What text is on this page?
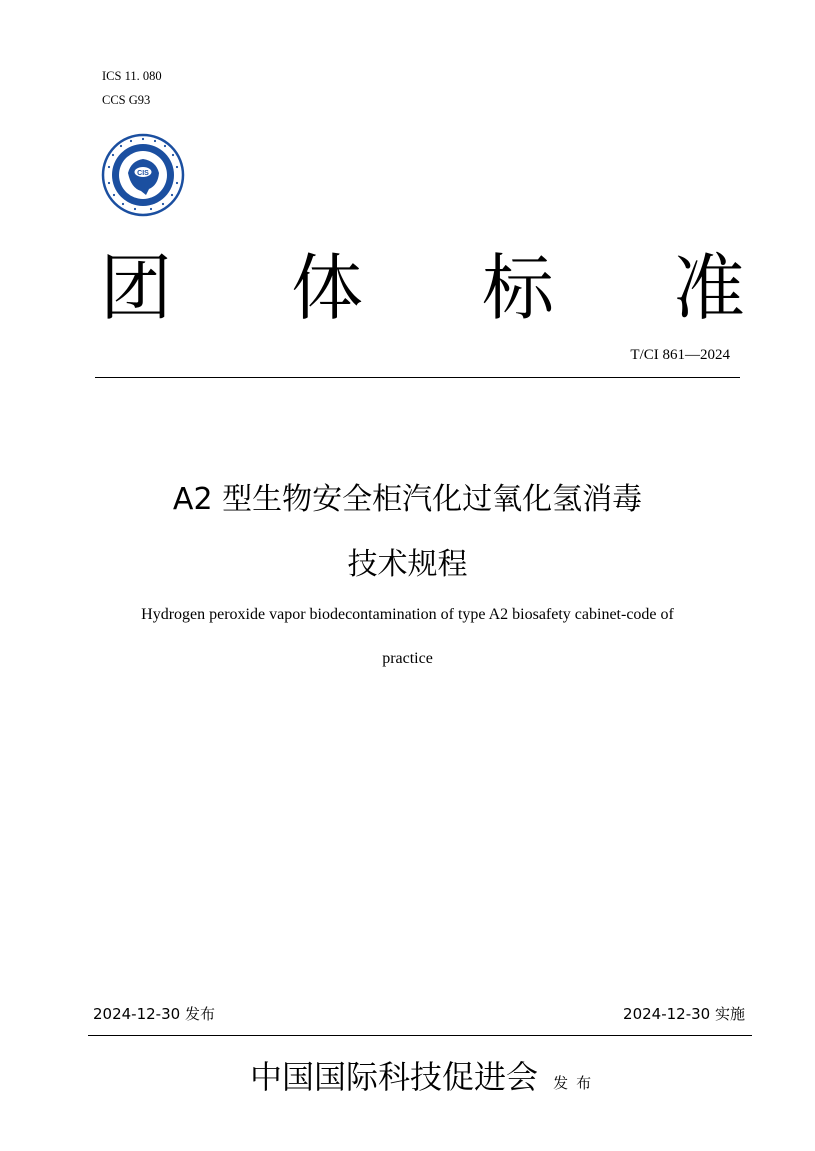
ICS 11. 080
CCS G93
CIS
团 体 标 准
T/CI 861—2024
A2 型生物安全柜汽化过氧化氢消毒
技术规程
Hydrogen peroxide vapor biodecontamination of type A2 biosafety cabinet-code of
practice
2024-12-30 发布	2024-12-30 实施
中国国际科技促进会 发布
